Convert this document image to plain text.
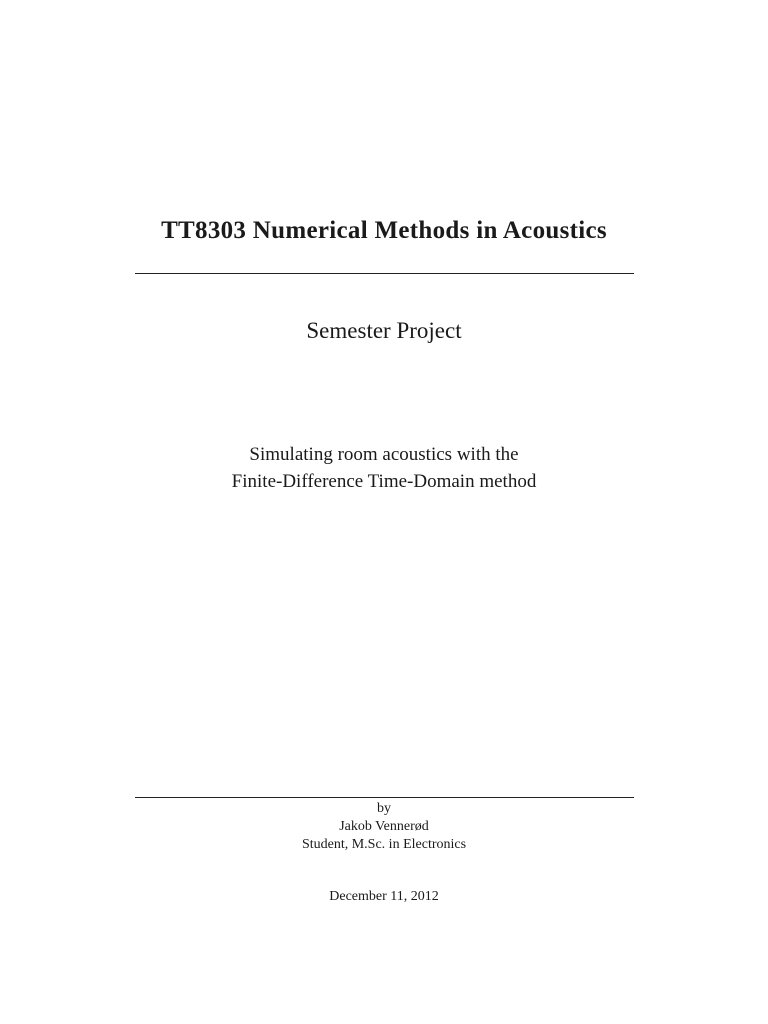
TT8303 Numerical Methods in Acoustics
Semester Project
Simulating room acoustics with the
Finite-Difference Time-Domain method
by
Jakob Vennerød
Student, M.Sc. in Electronics
December 11, 2012
